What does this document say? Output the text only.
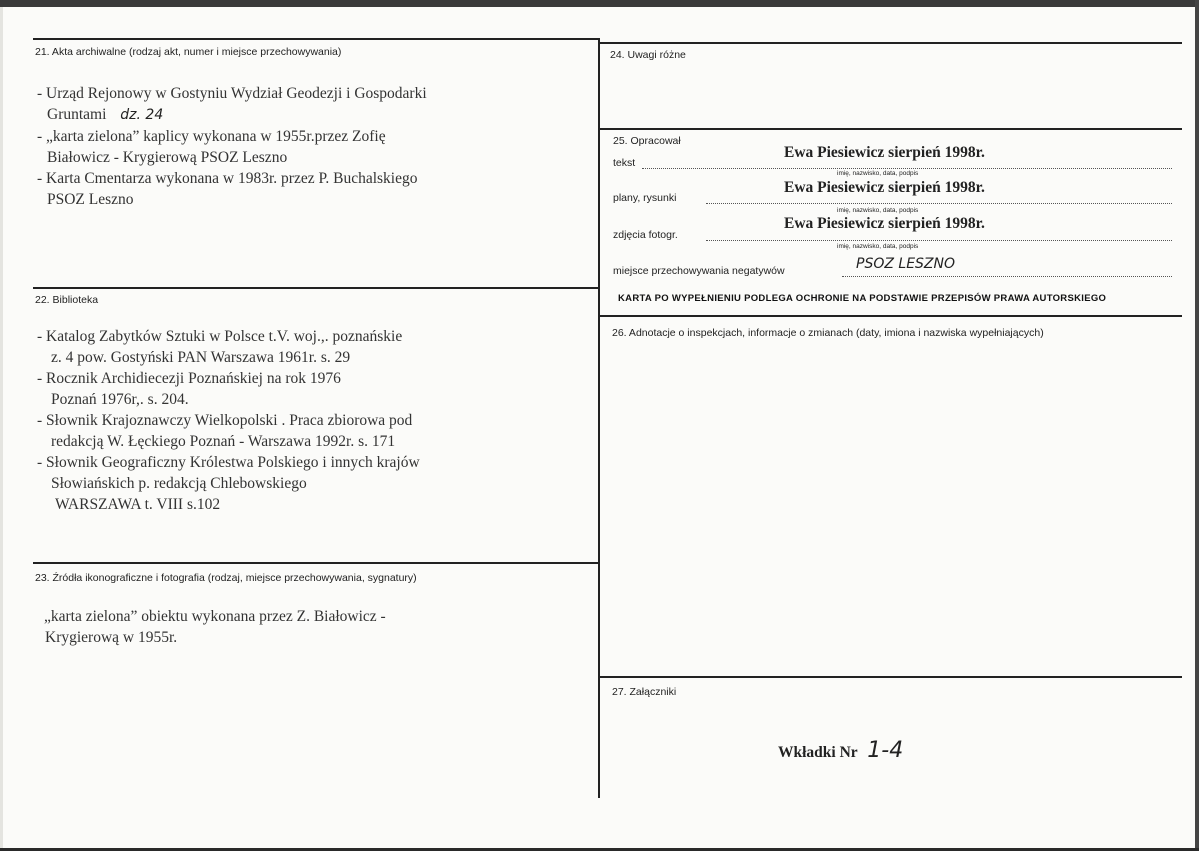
21. Akta archiwalne (rodzaj akt, numer i miejsce przechowywania)
- Urząd Rejonowy w Gostyniu Wydział Geodezji i Gospodarki
Gruntami dz. 24
- „karta zielona” kaplicy wykonana w 1955r.przez Zofię
Białowicz - Krygierową PSOZ Leszno
- Karta Cmentarza wykonana w 1983r. przez P. Buchalskiego
PSOZ Leszno
22. Biblioteka
- Katalog Zabytków Sztuki w Polsce t.V. woj.,. poznańskie
z. 4 pow. Gostyński PAN Warszawa 1961r. s. 29
- Rocznik Archidiecezji Poznańskiej na rok 1976
Poznań 1976r,. s. 204.
- Słownik Krajoznawczy Wielkopolski . Praca zbiorowa pod
redakcją W. Łęckiego Poznań - Warszawa 1992r. s. 171
- Słownik Geograficzny Królestwa Polskiego i innych krajów
Słowiańskich p. redakcją Chlebowskiego
WARSZAWA t. VIII s.102
23. Źródła ikonograficzne i fotografia (rodzaj, miejsce przechowywania, sygnatury)
„karta zielona” obiektu wykonana przez Z. Białowicz -
Krygierową w 1955r.
24. Uwagi różne
25. Opracował
tekst
Ewa Piesiewicz sierpień 1998r.
imię, nazwisko, data, podpis
plany, rysunki
Ewa Piesiewicz sierpień 1998r.
imię, nazwisko, data, podpis
zdjęcia fotogr.
Ewa Piesiewicz sierpień 1998r.
imię, nazwisko, data, podpis
miejsce przechowywania negatywów	PSOZ LESZNO
KARTA PO WYPEŁNIENIU PODLEGA OCHRONIE NA PODSTAWIE PRZEPISÓW PRAWA AUTORSKIEGO
26. Adnotacje o inspekcjach, informacje o zmianach (daty, imiona i nazwiska wypełniających)
27. Załączniki
Wkładki Nr 1-4
